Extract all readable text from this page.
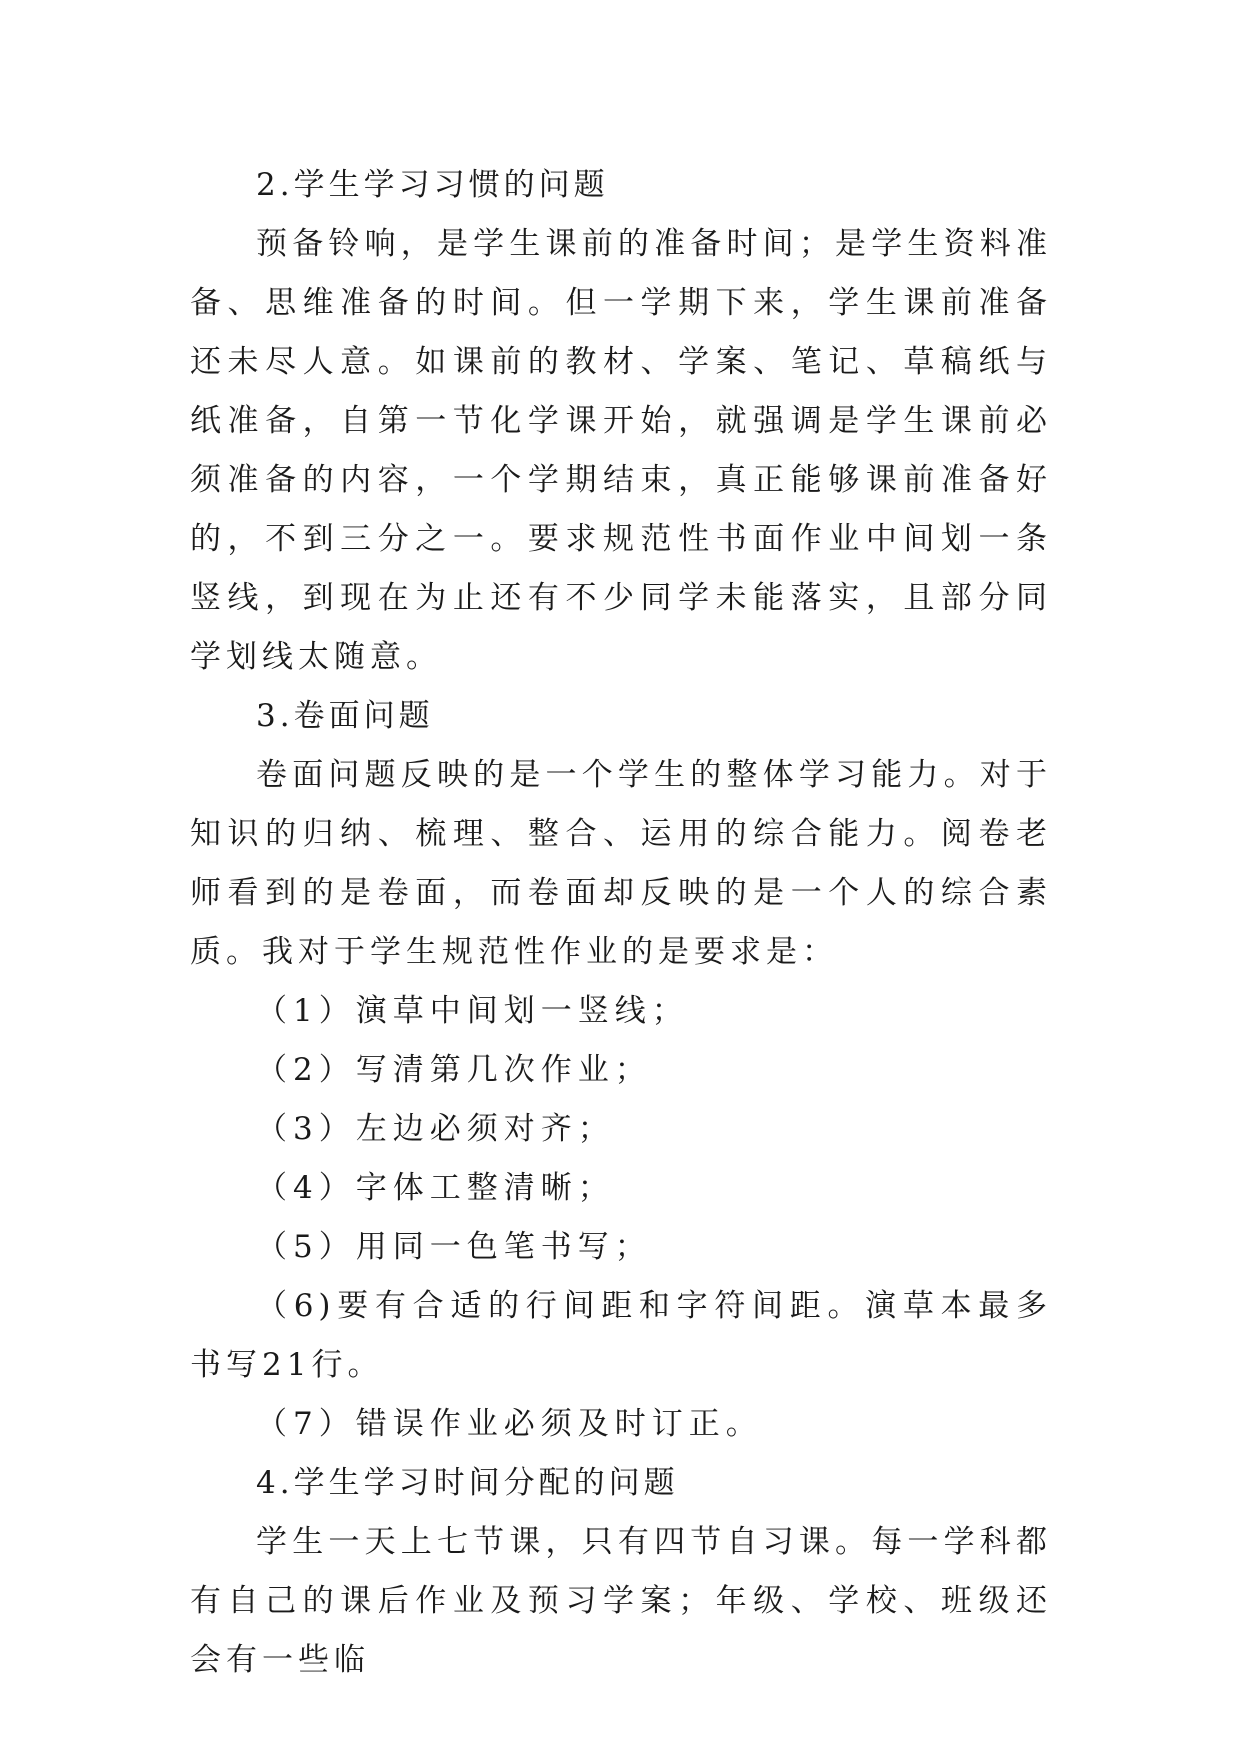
2.学生学习习惯的问题

预备铃响，是学生课前的准备时间；是学生资料准备、思维准备的时间。但一学期下来，学生课前准备还未尽人意。如课前的教材、学案、笔记、草稿纸与纸准备，自第一节化学课开始，就强调是学生课前必须准备的内容，一个学期结束，真正能够课前准备好的，不到三分之一。要求规范性书面作业中间划一条竖线，到现在为止还有不少同学未能落实，且部分同学划线太随意。

3.卷面问题

卷面问题反映的是一个学生的整体学习能力。对于知识的归纳、梳理、整合、运用的综合能力。阅卷老师看到的是卷面，而卷面却反映的是一个人的综合素质。我对于学生规范性作业的是要求是：

（1）演草中间划一竖线；

（2）写清第几次作业；

（3）左边必须对齐；

（4）字体工整清晰；

（5）用同一色笔书写；

（6)要有合适的行间距和字符间距。演草本最多书写21行。

（7）错误作业必须及时订正。

4.学生学习时间分配的问题

学生一天上七节课，只有四节自习课。每一学科都有自己的课后作业及预习学案；年级、学校、班级还会有一些临
